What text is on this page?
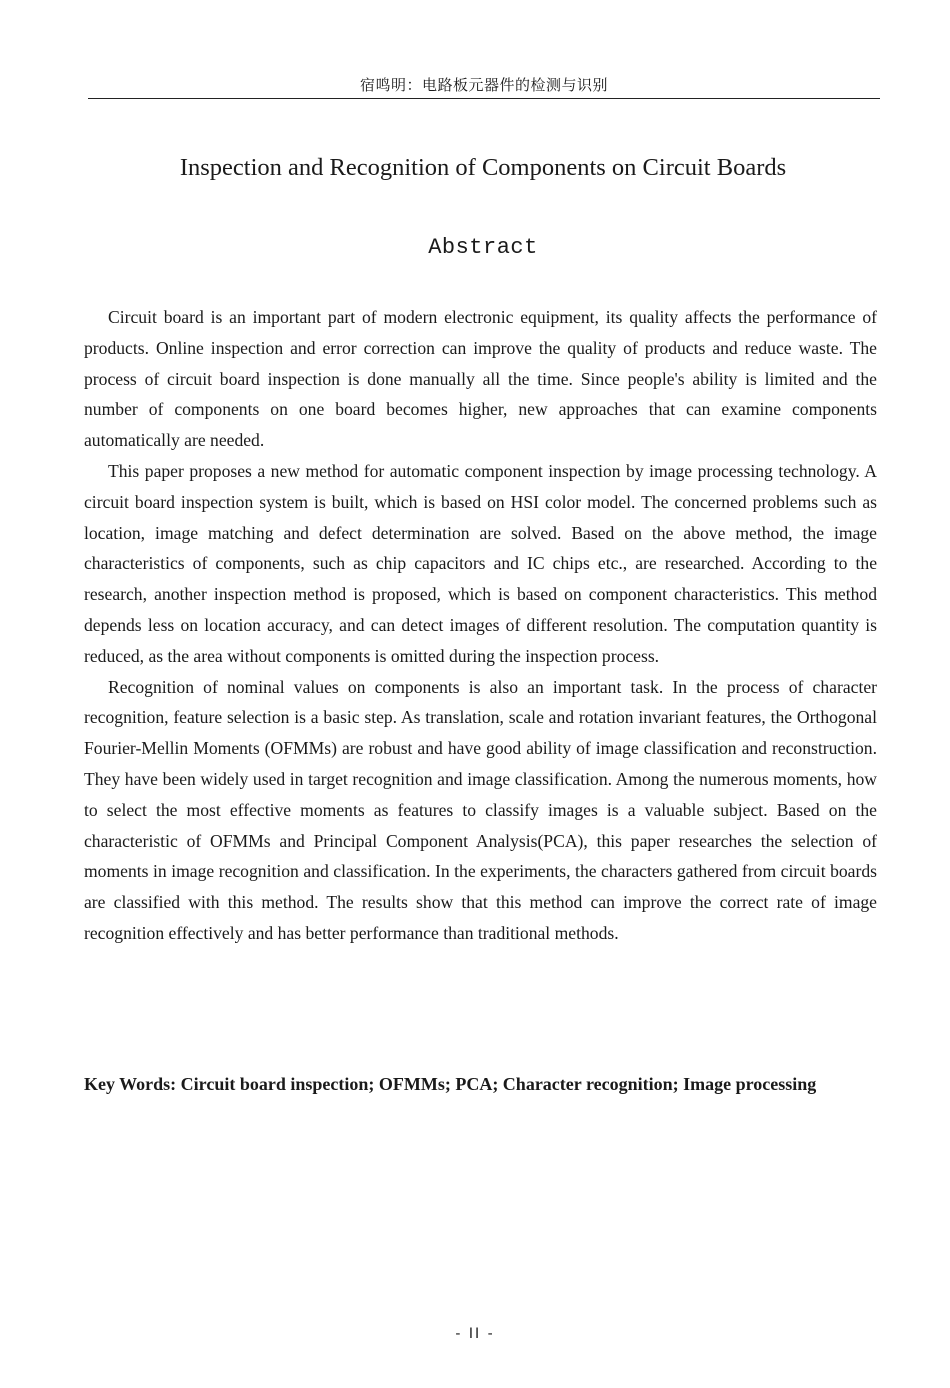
宿鸣明：电路板元器件的检测与识别
Inspection and Recognition of Components on Circuit Boards
Abstract

Circuit board is an important part of modern electronic equipment, its quality affects the performance of products. Online inspection and error correction can improve the quality of products and reduce waste. The process of circuit board inspection is done manually all the time. Since people's ability is limited and the number of components on one board becomes higher, new approaches that can examine components automatically are needed.

This paper proposes a new method for automatic component inspection by image processing technology. A circuit board inspection system is built, which is based on HSI color model. The concerned problems such as location, image matching and defect determination are solved. Based on the above method, the image characteristics of components, such as chip capacitors and IC chips etc., are researched. According to the research, another inspection method is proposed, which is based on component characteristics. This method depends less on location accuracy, and can detect images of different resolution. The computation quantity is reduced, as the area without components is omitted during the inspection process.

Recognition of nominal values on components is also an important task. In the process of character recognition, feature selection is a basic step. As translation, scale and rotation invariant features, the Orthogonal Fourier-Mellin Moments (OFMMs) are robust and have good ability of image classification and reconstruction. They have been widely used in target recognition and image classification. Among the numerous moments, how to select the most effective moments as features to classify images is a valuable subject. Based on the characteristic of OFMMs and Principal Component Analysis(PCA), this paper researches the selection of moments in image recognition and classification. In the experiments, the characters gathered from circuit boards are classified with this method. The results show that this method can improve the correct rate of image recognition effectively and has better performance than traditional methods.

Key Words: Circuit board inspection; OFMMs; PCA; Character recognition; Image processing
- II -
